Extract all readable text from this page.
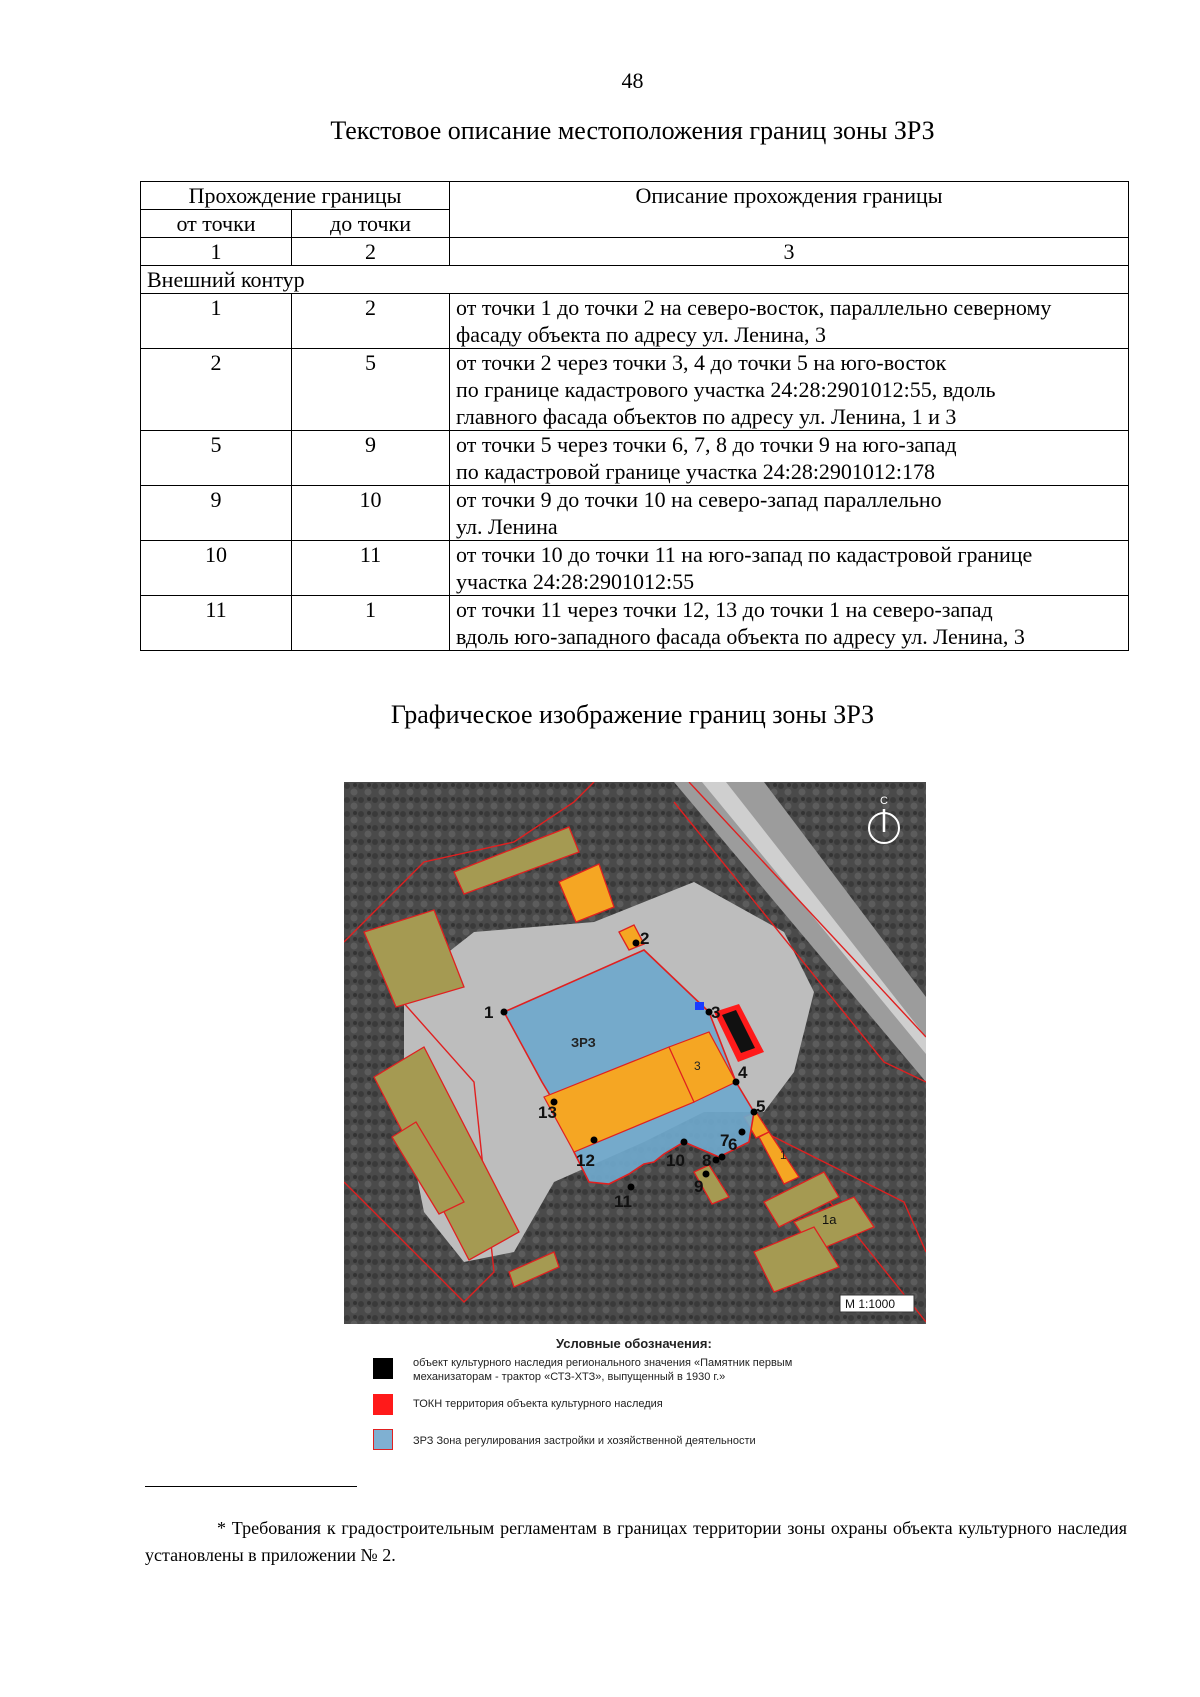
48
Текстовое описание местоположения границ зоны ЗРЗ
Прохождение границы		Описание прохождения границы
от точки	до точки	
1	2	3
Внешний контур		
1	2	от точки 1 до точки 2 на северо-восток, параллельно северному
фасаду объекта по адресу ул. Ленина, 3

2	5	от точки 2 через точки 3, 4 до точки 5 на юго-восток
по границе кадастрового участка 24:28:2901012:55, вдоль
главного фасада объектов по адресу ул. Ленина, 1 и 3

5	9	от точки 5 через точки 6, 7, 8 до точки 9 на юго-запад
по кадастровой границе участка 24:28:2901012:178

9	10	от точки 9 до точки 10 на северо-запад параллельно
ул. Ленина

10	11	от точки 10 до точки 11 на юго-запад по кадастровой границе
участка 24:28:2901012:55

11	1	от точки 11 через точки 12, 13 до точки 1 на северо-запад
вдоль юго-западного фасада объекта по адресу ул. Ленина, 3
Графическое изображение границ зоны ЗРЗ
1
2
3
4
5
6
7
8
9
10
11
12
13
ЗРЗ
3
1
1а
С
М 1:1000
Условные обозначения:
объект культурного наследия регионального значения «Памятник первым
механизаторам - трактор «СТЗ-ХТЗ», выпущенный в 1930 г.»
ТОКН территория объекта культурного наследия
ЗРЗ Зона регулирования застройки и хозяйственной деятельности
* Требования к градостроительным регламентам в границах территории зоны охраны объекта культурного наследия установлены в приложении № 2.
